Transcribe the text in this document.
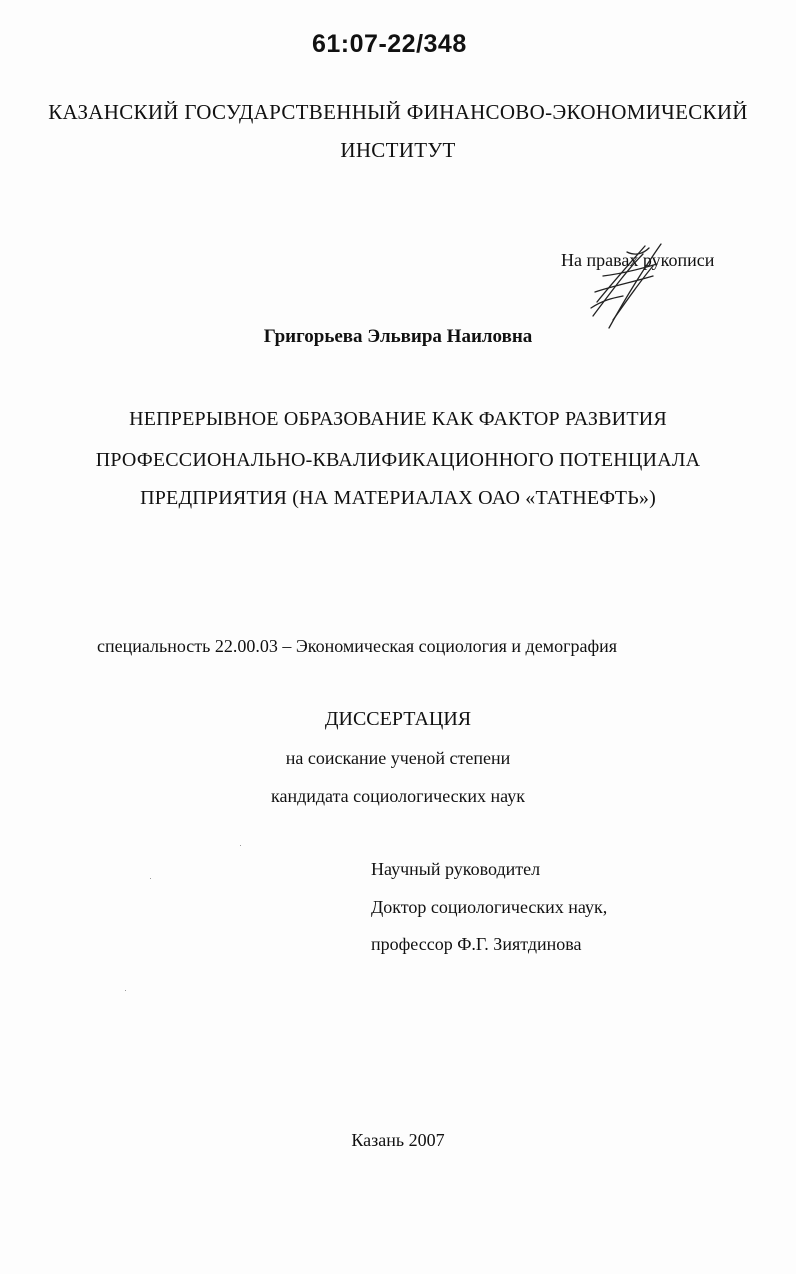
61:07-22/348
КАЗАНСКИЙ ГОСУДАРСТВЕННЫЙ ФИНАНСОВО-ЭКОНОМИЧЕСКИЙ
ИНСТИТУТ
На правах рукописи
Григорьева Эльвира Наиловна
НЕПРЕРЫВНОЕ ОБРАЗОВАНИЕ КАК ФАКТОР РАЗВИТИЯ
ПРОФЕССИОНАЛЬНО-КВАЛИФИКАЦИОННОГО ПОТЕНЦИАЛА
ПРЕДПРИЯТИЯ (НА МАТЕРИАЛАХ ОАО «ТАТНЕФТЬ»)
специальность 22.00.03 – Экономическая социология и демография
ДИССЕРТАЦИЯ
на соискание ученой степени
кандидата социологических наук
Научный руководител
Доктор социологических наук,
профессор Ф.Г. Зиятдинова
Казань 2007
